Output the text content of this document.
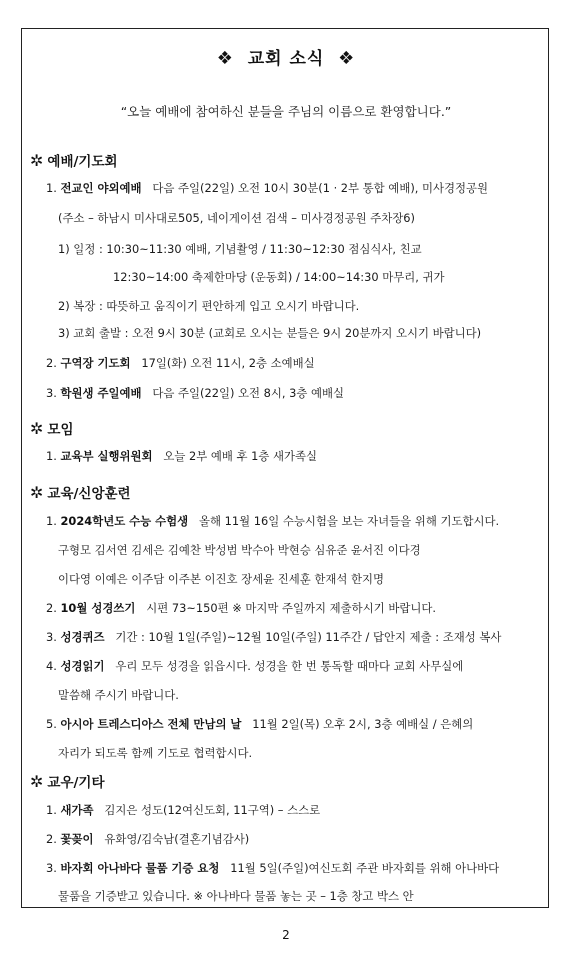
❖ 교회 소식 ❖
“오늘 예배에 참여하신 분들을 주님의 이름으로 환영합니다.”
✲ 예배/기도회
1. 전교인 야외예배 다음 주일(22일) 오전 10시 30분(1 · 2부 통합 예배), 미사경정공원
(주소 – 하남시 미사대로505, 네이게이션 검색 – 미사경정공원 주차장6)
1) 일정 : 10:30~11:30 예배, 기념촬영 / 11:30~12:30 점심식사, 친교
12:30~14:00 축제한마당 (운동회) / 14:00~14:30 마무리, 귀가
2) 복장 : 따뜻하고 움직이기 편안하게 입고 오시기 바랍니다.
3) 교회 출발 : 오전 9시 30분 (교회로 오시는 분들은 9시 20분까지 오시기 바랍니다)
2. 구역장 기도회 17일(화) 오전 11시, 2층 소예배실
3. 학원생 주일예배 다음 주일(22일) 오전 8시, 3층 예배실
✲ 모임
1. 교육부 실행위원회 오늘 2부 예배 후 1층 새가족실
✲ 교육/신앙훈련
1. 2024학년도 수능 수험생 올해 11월 16일 수능시험을 보는 자녀들을 위해 기도합시다.
구형모 김서연 김세은 김예찬 박성범 박수아 박현승 심유준 윤서진 이다경
이다영 이예은 이주담 이주본 이진호 장세윤 진세훈 한재석 한지명
2. 10월 성경쓰기 시편 73~150편 ※ 마지막 주일까지 제출하시기 바랍니다.
3. 성경퀴즈 기간 : 10월 1일(주일)~12월 10일(주일) 11주간 / 답안지 제출 : 조재성 복사
4. 성경읽기 우리 모두 성경을 읽읍시다. 성경을 한 번 통독할 때마다 교회 사무실에
말씀해 주시기 바랍니다.
5. 아시아 트레스디아스 전체 만남의 날 11월 2일(목) 오후 2시, 3층 예배실 / 은혜의
자리가 되도록 함께 기도로 협력합시다.
✲ 교우/기타
1. 새가족 김지은 성도(12여신도회, 11구역) – 스스로
2. 꽃꽂이 유화영/김숙남(결혼기념감사)
3. 바자회 아나바다 물품 기증 요청 11월 5일(주일)여신도회 주관 바자회를 위해 아나바다
물품을 기증받고 있습니다. ※ 아나바다 물품 놓는 곳 – 1층 창고 박스 안
2
